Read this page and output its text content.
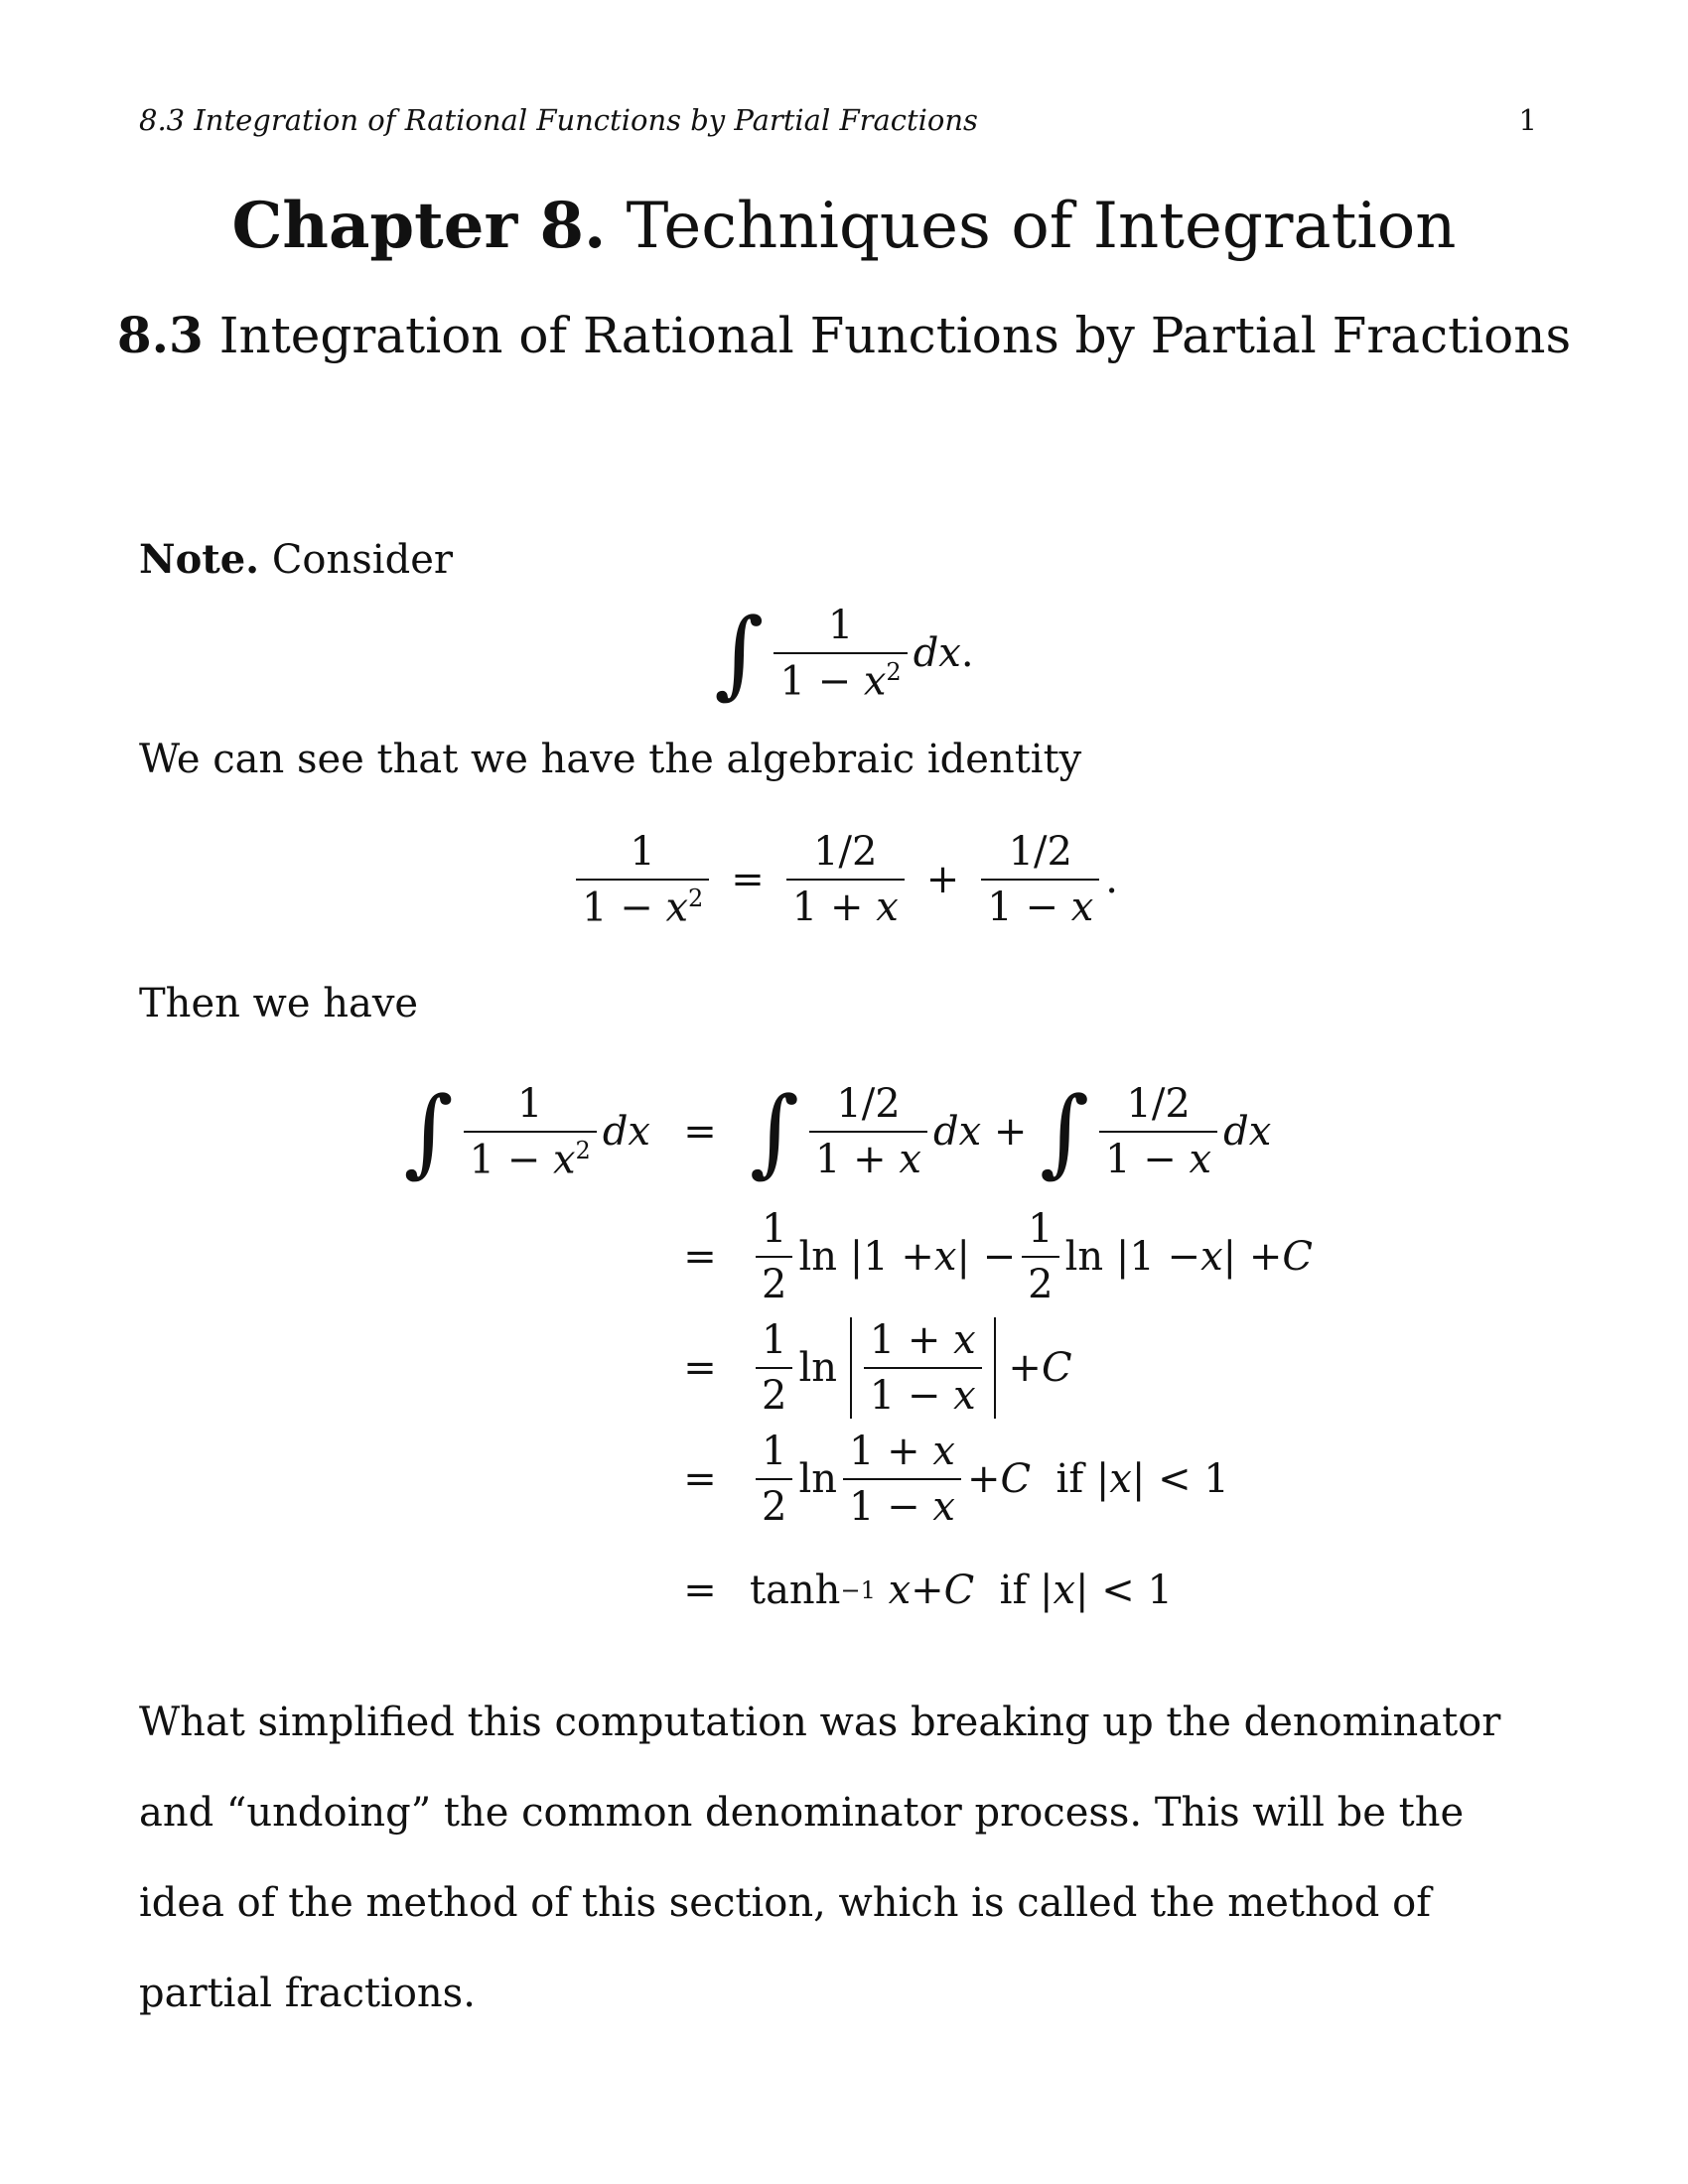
8.3 Integration of Rational Functions by Partial Fractions	1
Chapter 8. Techniques of Integration
8.3 Integration of Rational Functions by Partial Fractions
Note. Consider
∫ $\frac{1}{1 - x^2}$ dx .
We can see that we have the algebraic identity
$\frac{1}{1 - x^2} = \frac{1/2}{1 + x} + \frac{1/2}{1 - x}$ .
Then we have
∫ $\frac{1}{1 - x^2}$ dx = ∫ $\frac{1/2}{1 + x}$ dx + ∫ $\frac{1/2}{1 - x}$ dx
= $\frac{1}{2}$ ln |1 + x | − $\frac{1}{2}$ ln |1 − x | + C
= $\frac{1}{2}$ $\ln \frac{1 + x}{1 - x} + C$
= $\frac{1}{2}$ $\ln \frac{1 + x}{1 - x} + C$ if | x | < 1
= tanh −1
x + C if | x | < 1
What simplified this computation was breaking up the denominator and “undoing” the common denominator process. This will be the idea of the method of this section, which is called the method of partial fractions.
